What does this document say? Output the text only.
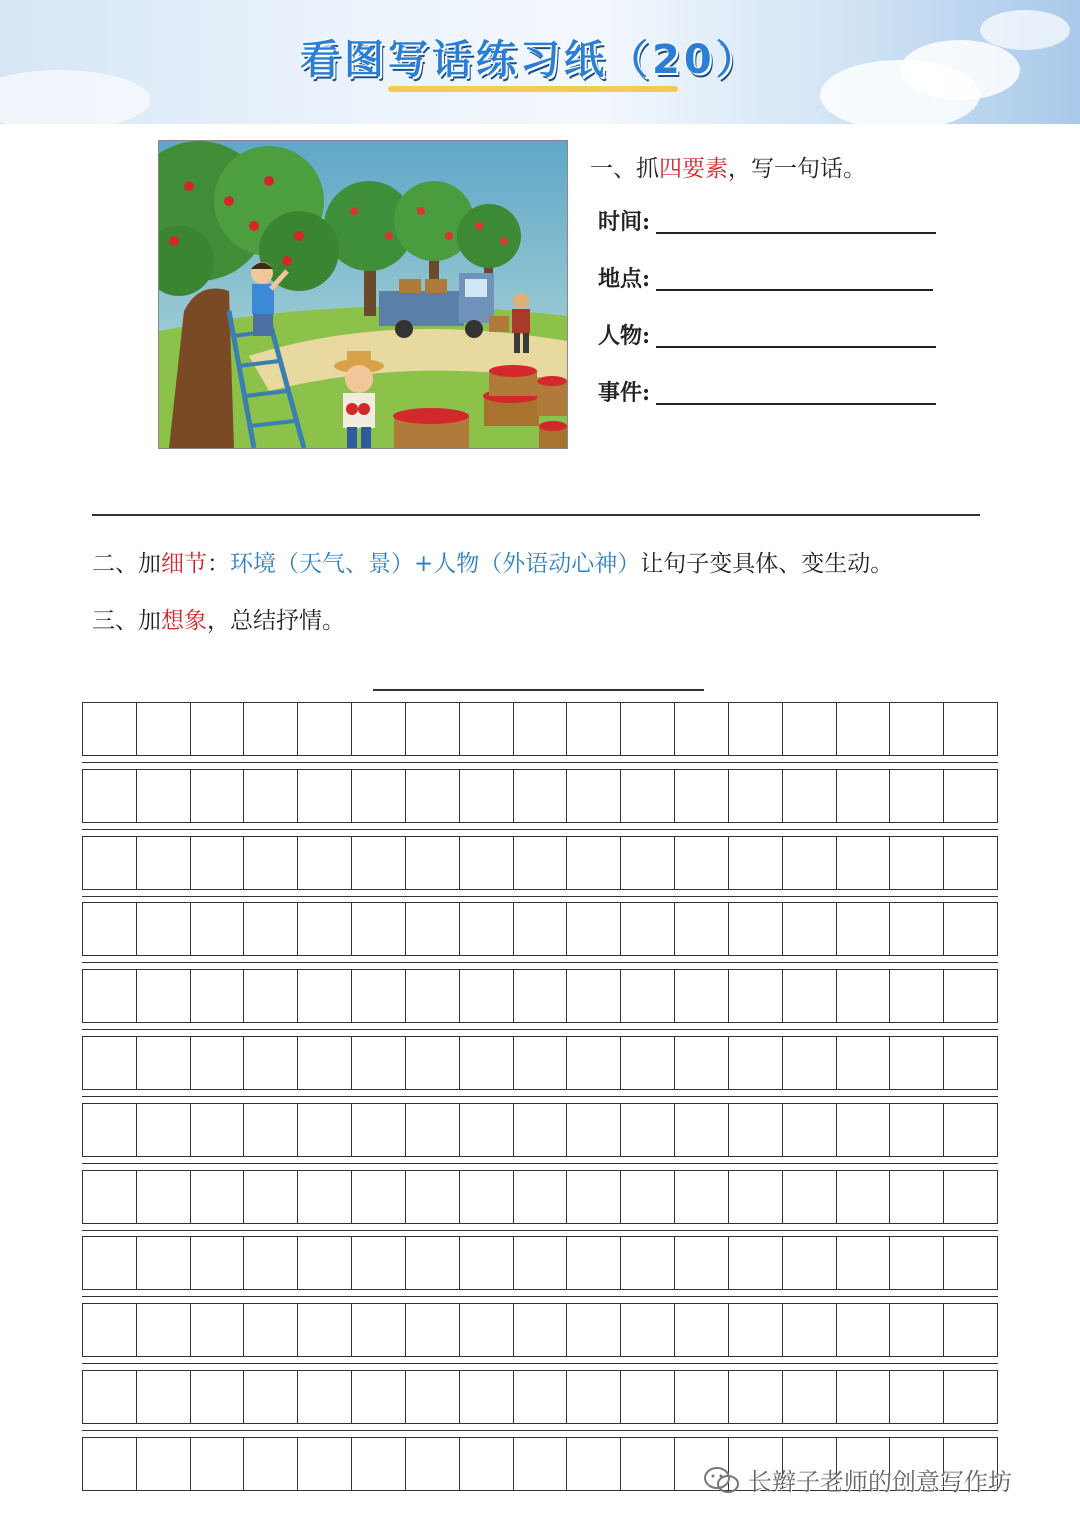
看图写话练习纸（20）
一、抓四要素，写一句话。
时间:
地点:
人物:
事件:
二、加细节：环境（天气、景）+人物（外语动心神）让句子变具体、变生动。
三、加想象，总结抒情。
长辫子老师的创意写作坊
